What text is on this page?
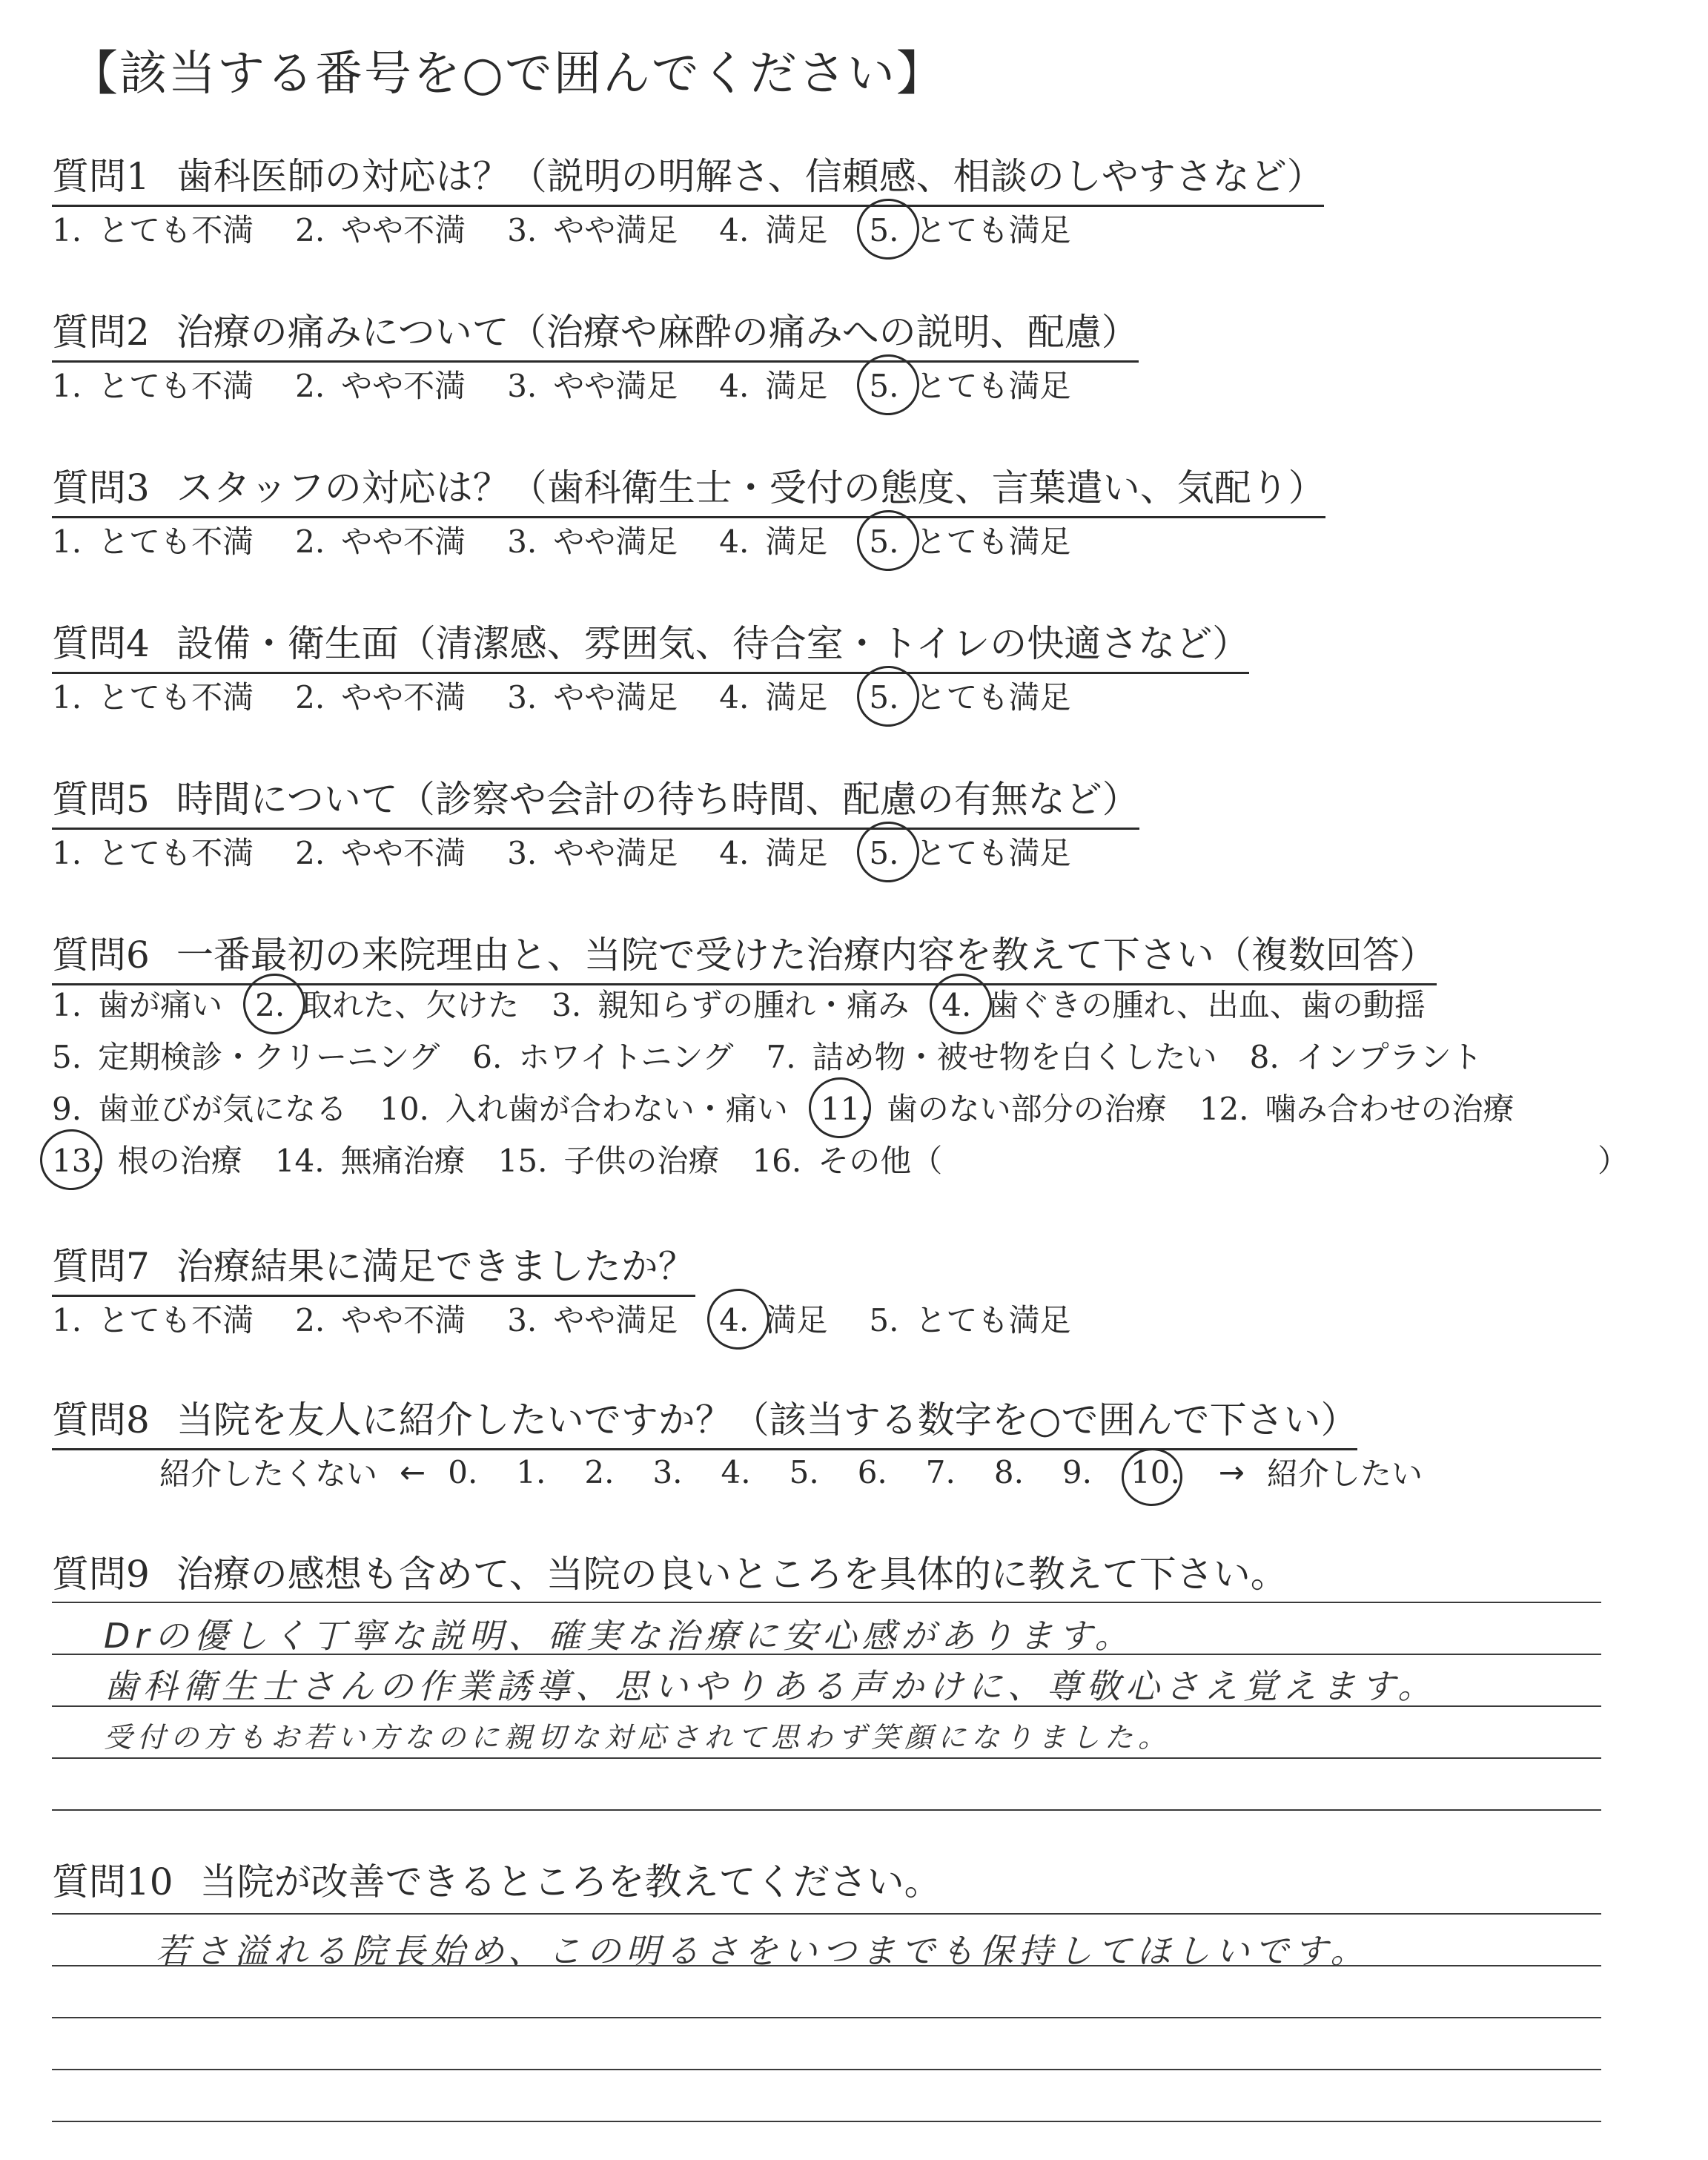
【該当する番号を○で囲んでください】
質問1 歯科医師の対応は？（説明の明解さ、信頼感、相談のしやすさなど）
1. とても不満 2. やや不満 3. やや満足 4. 満足 5. とても満足
質問2 治療の痛みについて（治療や麻酔の痛みへの説明、配慮）
1. とても不満 2. やや不満 3. やや満足 4. 満足 5. とても満足
質問3 スタッフの対応は？（歯科衛生士・受付の態度、言葉遣い、気配り）
1. とても不満 2. やや不満 3. やや満足 4. 満足 5. とても満足
質問4 設備・衛生面（清潔感、雰囲気、待合室・トイレの快適さなど）
1. とても不満 2. やや不満 3. やや満足 4. 満足 5. とても満足
質問5 時間について（診察や会計の待ち時間、配慮の有無など）
1. とても不満 2. やや不満 3. やや満足 4. 満足 5. とても満足
質問6 一番最初の来院理由と、当院で受けた治療内容を教えて下さい（複数回答）
1. 歯が痛い 2. 取れた、欠けた 3. 親知らずの腫れ・痛み 4. 歯ぐきの腫れ、出血、歯の動揺
5. 定期検診・クリーニング 6. ホワイトニング 7. 詰め物・被せ物を白くしたい 8. インプラント
9. 歯並びが気になる 10. 入れ歯が合わない・痛い 11. 歯のない部分の治療 12. 噛み合わせの治療
13. 根の治療 14. 無痛治療 15. 子供の治療 16. その他（	）
質問7 治療結果に満足できましたか？
1. とても不満 2. やや不満 3. やや満足 4. 満足 5. とても満足
質問8 当院を友人に紹介したいですか？（該当する数字を○で囲んで下さい）
紹介したくない ← 0. 1. 2. 3. 4. 5. 6. 7. 8. 9. 10. → 紹介したい
質問9 治療の感想も含めて、当院の良いところを具体的に教えて下さい。
Drの優しく丁寧な説明、確実な治療に安心感があります。
歯科衛生士さんの作業誘導、思いやりある声かけに、尊敬心さえ覚えます。
受付の方もお若い方なのに親切な対応されて思わず笑顔になりました。
質問10 当院が改善できるところを教えてください。
若さ溢れる院長始め、この明るさをいつまでも保持してほしいです。
